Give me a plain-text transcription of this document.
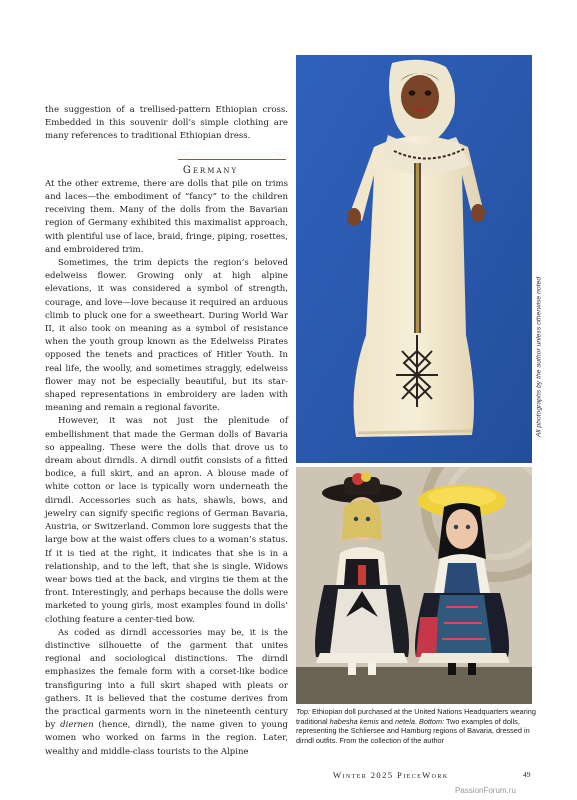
the suggestion of a trellised-pattern Ethiopian cross. Embedded in this souvenir doll’s simple clothing are many references to traditional Ethiopian dress.

Germany

At the other extreme, there are dolls that pile on trims and laces—the embodiment of “fancy” to the children receiving them. Many of the dolls from the Bavarian region of Germany exhibited this maximalist approach, with plentiful use of lace, braid, fringe, piping, rosettes, and embroidered trim.

Sometimes, the trim depicts the region’s beloved edelweiss flower. Growing only at high alpine elevations, it was considered a symbol of strength, courage, and love—love because it required an arduous climb to pluck one for a sweetheart. During World War II, it also took on meaning as a symbol of resistance when the youth group known as the Edelweiss Pirates opposed the tenets and practices of Hitler Youth. In real life, the woolly, and sometimes straggly, edelweiss flower may not be especially beautiful, but its star-shaped representations in embroidery are laden with meaning and remain a regional favorite.

However, it was not just the plenitude of embellishment that made the German dolls of Bavaria so appealing. These were the dolls that drove us to dream about dirndls. A dirndl outfit consists of a fitted bodice, a full skirt, and an apron. A blouse made of white cotton or lace is typically worn underneath the dirndl. Accessories such as hats, shawls, bows, and jewelry can signify specific regions of German Bavaria, Austria, or Switzerland. Common lore suggests that the large bow at the waist offers clues to a woman’s status. If it is tied at the right, it indicates that she is in a relationship, and to the left, that she is single. Widows wear bows tied at the back, and virgins tie them at the front. Interestingly, and perhaps because the dolls were marketed to young girls, most examples found in dolls’ clothing feature a center-tied bow.

As coded as dirndl accessories may be, it is the distinctive silhouette of the garment that unites regional and sociological distinctions. The dirndl emphasizes the female form with a corset-like bodice transfiguring into a full skirt shaped with pleats or gathers. It is believed that the costume derives from the practical garments worn in the nineteenth century by diernen (hence, dirndl), the name given to young women who worked on farms in the region. Later, wealthy and middle-class tourists to the Alpine

All photographs by the author unless otherwise noted
Top: Ethiopian doll purchased at the United Nations Headquarters wearing traditional habesha kemis and netela. Bottom: Two examples of dolls, representing the Schliersee and Hamburg regions of Bavaria, dressed in dirndl outfits. From the collection of the author
Winter 2025 PieceWork	49
PassionForum.ru
